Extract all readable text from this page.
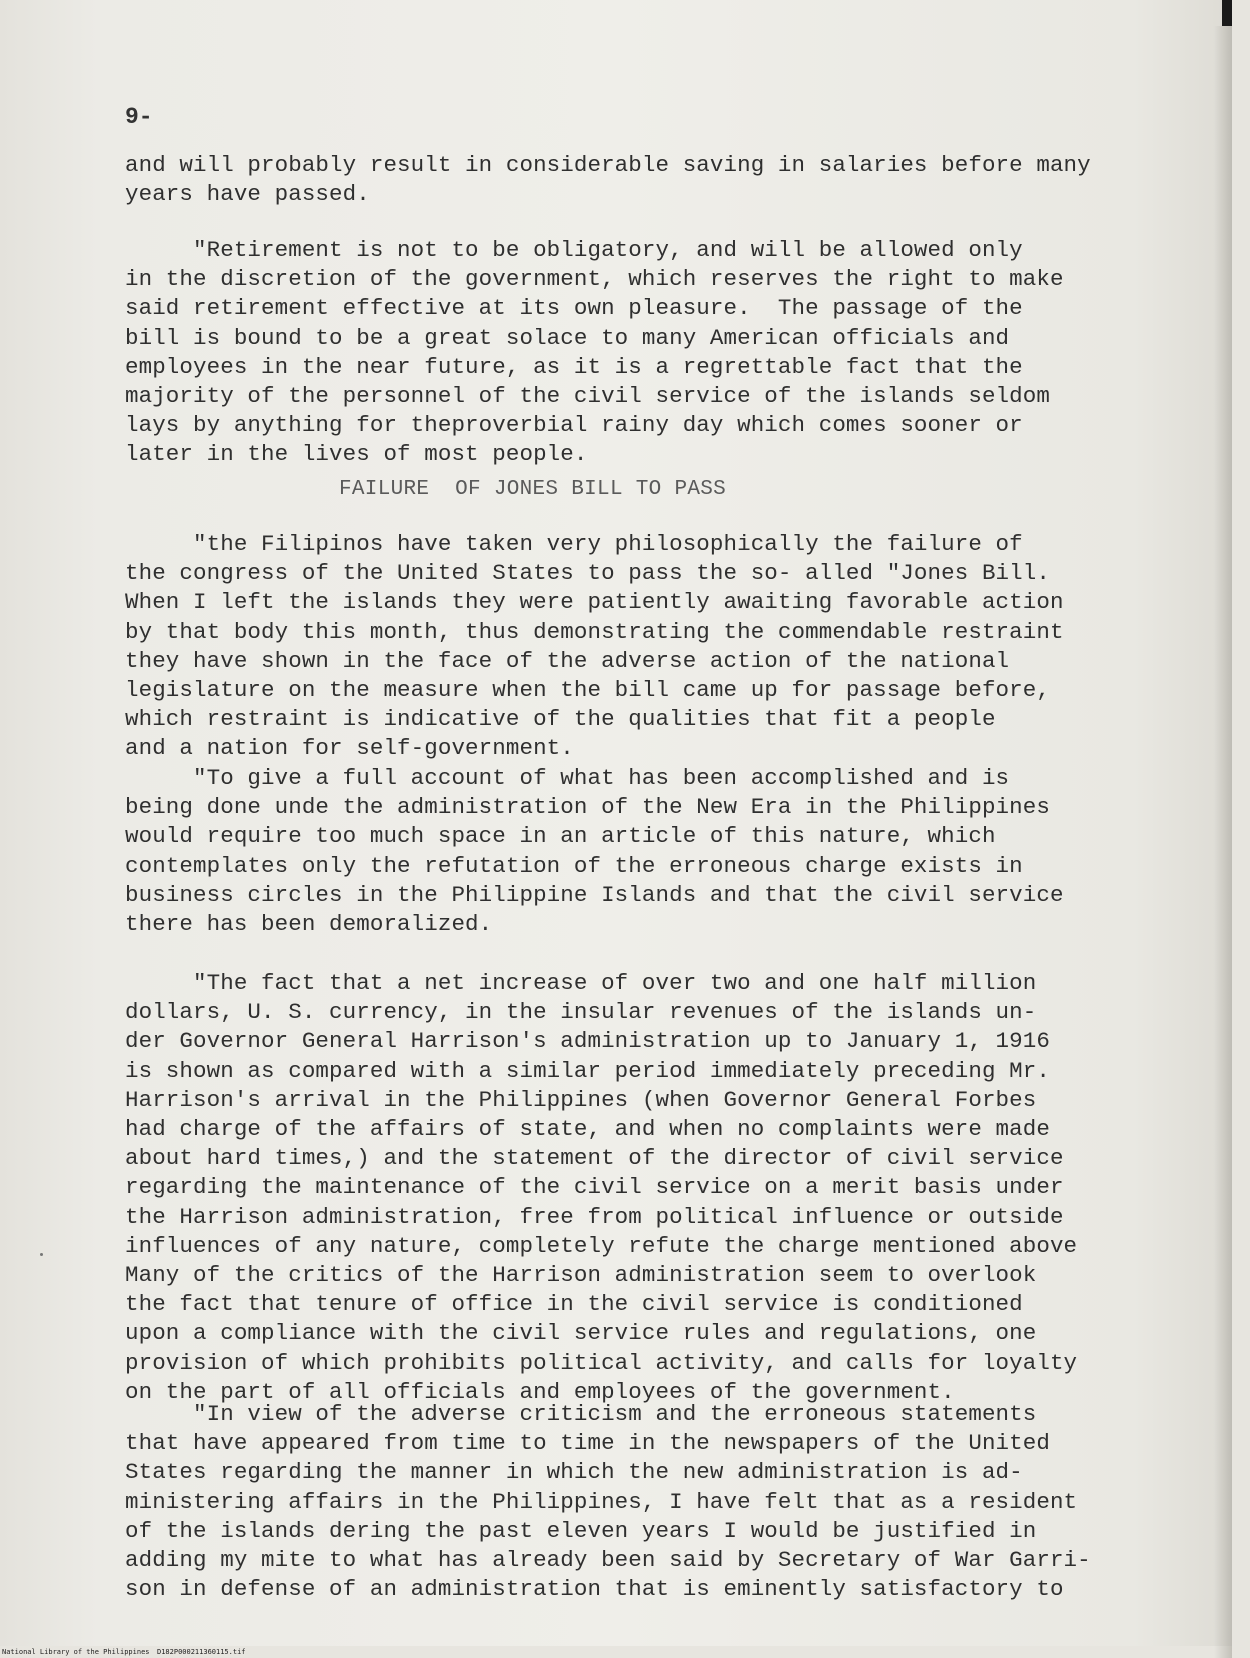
9-

and will probably result in considerable saving in salaries before many
years have passed.

"Retirement is not to be obligatory, and will be allowed only
in the discretion of the government, which reserves the right to make
said retirement effective at its own pleasure.  The passage of the
bill is bound to be a great solace to many American officials and
employees in the near future, as it is a regrettable fact that the
majority of the personnel of the civil service of the islands seldom
lays by anything for theproverbial rainy day which comes sooner or
later in the lives of most people.

FAILURE  OF JONES BILL TO PASS

"the Filipinos have taken very philosophically the failure of
the congress of the United States to pass the so- alled "Jones Bill.
When I left the islands they were patiently awaiting favorable action
by that body this month, thus demonstrating the commendable restraint
they have shown in the face of the adverse action of the national
legislature on the measure when the bill came up for passage before,
which restraint is indicative of the qualities that fit a people
and a nation for self-government.

"To give a full account of what has been accomplished and is
being done unde the administration of the New Era in the Philippines
would require too much space in an article of this nature, which
contemplates only the refutation of the erroneous charge exists in
business circles in the Philippine Islands and that the civil service
there has been demoralized.

"The fact that a net increase of over two and one half million
dollars, U. S. currency, in the insular revenues of the islands un-
der Governor General Harrison's administration up to January 1, 1916
is shown as compared with a similar period immediately preceding Mr.
Harrison's arrival in the Philippines (when Governor General Forbes
had charge of the affairs of state, and when no complaints were made
about hard times,) and the statement of the director of civil service
regarding the maintenance of the civil service on a merit basis under
the Harrison administration, free from political influence or outside
influences of any nature, completely refute the charge mentioned above
Many of the critics of the Harrison administration seem to overlook
the fact that tenure of office in the civil service is conditioned
upon a compliance with the civil service rules and regulations, one
provision of which prohibits political activity, and calls for loyalty
on the part of all officials and employees of the government.

"In view of the adverse criticism and the erroneous statements
that have appeared from time to time in the newspapers of the United
States regarding the manner in which the new administration is ad-
ministering affairs in the Philippines, I have felt that as a resident
of the islands dering the past eleven years I would be justified in
adding my mite to what has already been said by Secretary of War Garri-
son in defense of an administration that is eminently satisfactory to

National Library of the Philippines D182P000211360115.tif
